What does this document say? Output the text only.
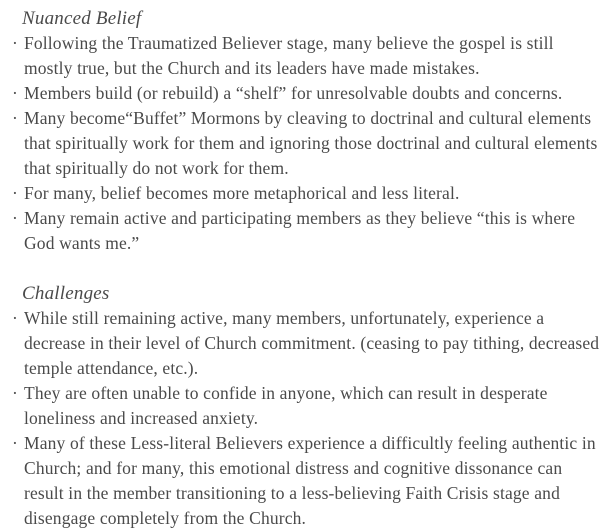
Nuanced Belief
· Following the Traumatized Believer stage, many believe the gospel is still mostly true, but the Church and its leaders have made mistakes.
· Members build (or rebuild) a “shelf” for unresolvable doubts and concerns.
· Many become“Buffet” Mormons by cleaving to doctrinal and cultural elements that spiritually work for them and ignoring those doctrinal and cultural elements that spiritually do not work for them.
· For many, belief becomes more metaphorical and less literal.
· Many remain active and participating members as they believe “this is where God wants me.”
Challenges
· While still remaining active, many members, unfortunately, experience a decrease in their level of Church commitment. (ceasing to pay tithing, decreased temple attendance, etc.).
· They are often unable to confide in anyone, which can result in desperate loneliness and increased anxiety.
· Many of these Less-literal Believers experience a difficultly feeling authentic in Church; and for many, this emotional distress and cognitive dissonance can result in the member transitioning to a less-believing Faith Crisis stage and disengage completely from the Church.
